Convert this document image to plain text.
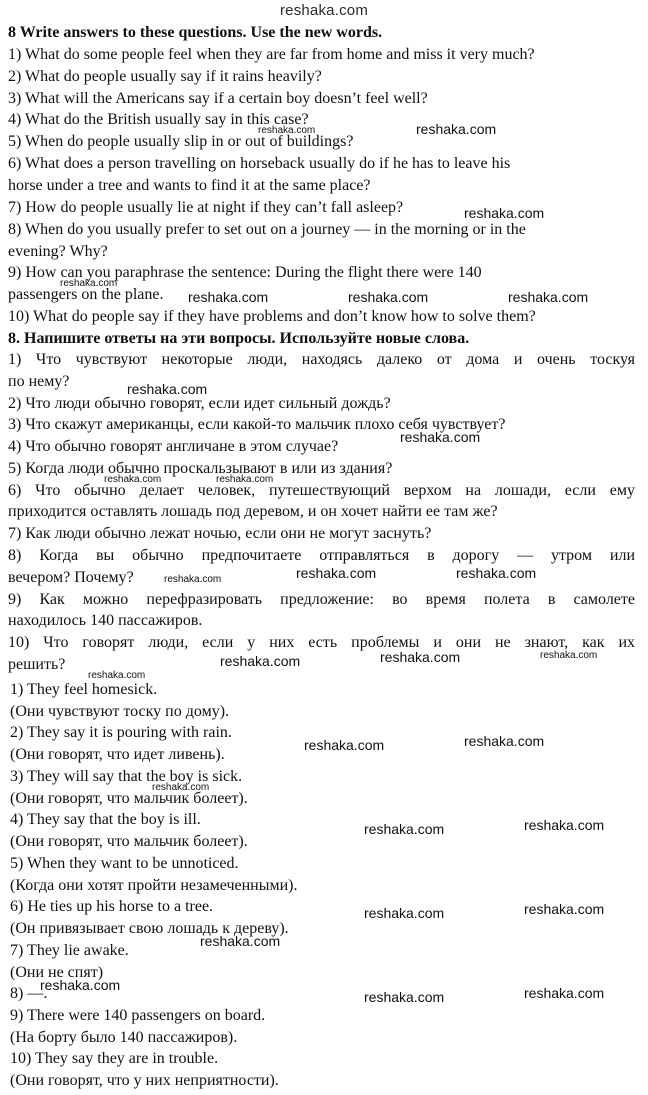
reshaka.com
8 Write answers to these questions. Use the new words.
1) What do some people feel when they are far from home and miss it very much?
2) What do people usually say if it rains heavily?
3) What will the Americans say if a certain boy doesn’t feel well?
4) What do the British usually say in this case?
5) When do people usually slip in or out of buildings?
6) What does a person travelling on horseback usually do if he has to leave his
horse under a tree and wants to find it at the same place?
7) How do people usually lie at night if they can’t fall asleep?
8) When do you usually prefer to set out on a journey — in the morning or in the
evening? Why?
9) How can you paraphrase the sentence: During the flight there were 140
passengers on the plane.
10) What do people say if they have problems and don’t know how to solve them?
8. Напишите ответы на эти вопросы. Используйте новые слова.
1) Что чувствуют некоторые люди, находясь далеко от дома и очень тоскуя
по нему?
2) Что люди обычно говорят, если идет сильный дождь?
3) Что скажут американцы, если какой-то мальчик плохо себя чувствует?
4) Что обычно говорят англичане в этом случае?
5) Когда люди обычно проскальзывают в или из здания?
6) Что обычно делает человек, путешествующий верхом на лошади, если ему
приходится оставлять лошадь под деревом, и он хочет найти ее там же?
7) Как люди обычно лежат ночью, если они не могут заснуть?
8) Когда вы обычно предпочитаете отправляться в дорогу — утром или
вечером? Почему?
9) Как можно перефразировать предложение: во время полета в самолете
находилось 140 пассажиров.
10) Что говорят люди, если у них есть проблемы и они не знают, как их
решить?
1) They feel homesick.
(Они чувствуют тоску по дому).
2) They say it is pouring with rain.
(Они говорят, что идет ливень).
3) They will say that the boy is sick.
(Они говорят, что мальчик болеет).
4) They say that the boy is ill.
(Они говорят, что мальчик болеет).
5) When they want to be unnoticed.
(Когда они хотят пройти незамеченными).
6) He ties up his horse to a tree.
(Он привязывает свою лошадь к дереву).
7) They lie awake.
(Они не спят)
8) —.
9) There were 140 passengers on board.
(На борту было 140 пассажиров).
10) They say they are in trouble.
(Они говорят, что у них неприятности).
reshaka.com	reshaka.com
reshaka.com
reshaka.com
reshaka.com	reshaka.com	reshaka.com
reshaka.com
reshaka.com
reshaka.com	reshaka.com
reshaka.com	reshaka.com	reshaka.com
reshaka.com	reshaka.com	reshaka.com
reshaka.com
reshaka.com	reshaka.com
reshaka.com
reshaka.com	reshaka.com
reshaka.com	reshaka.com
reshaka.com
reshaka.com
reshaka.com	reshaka.com
